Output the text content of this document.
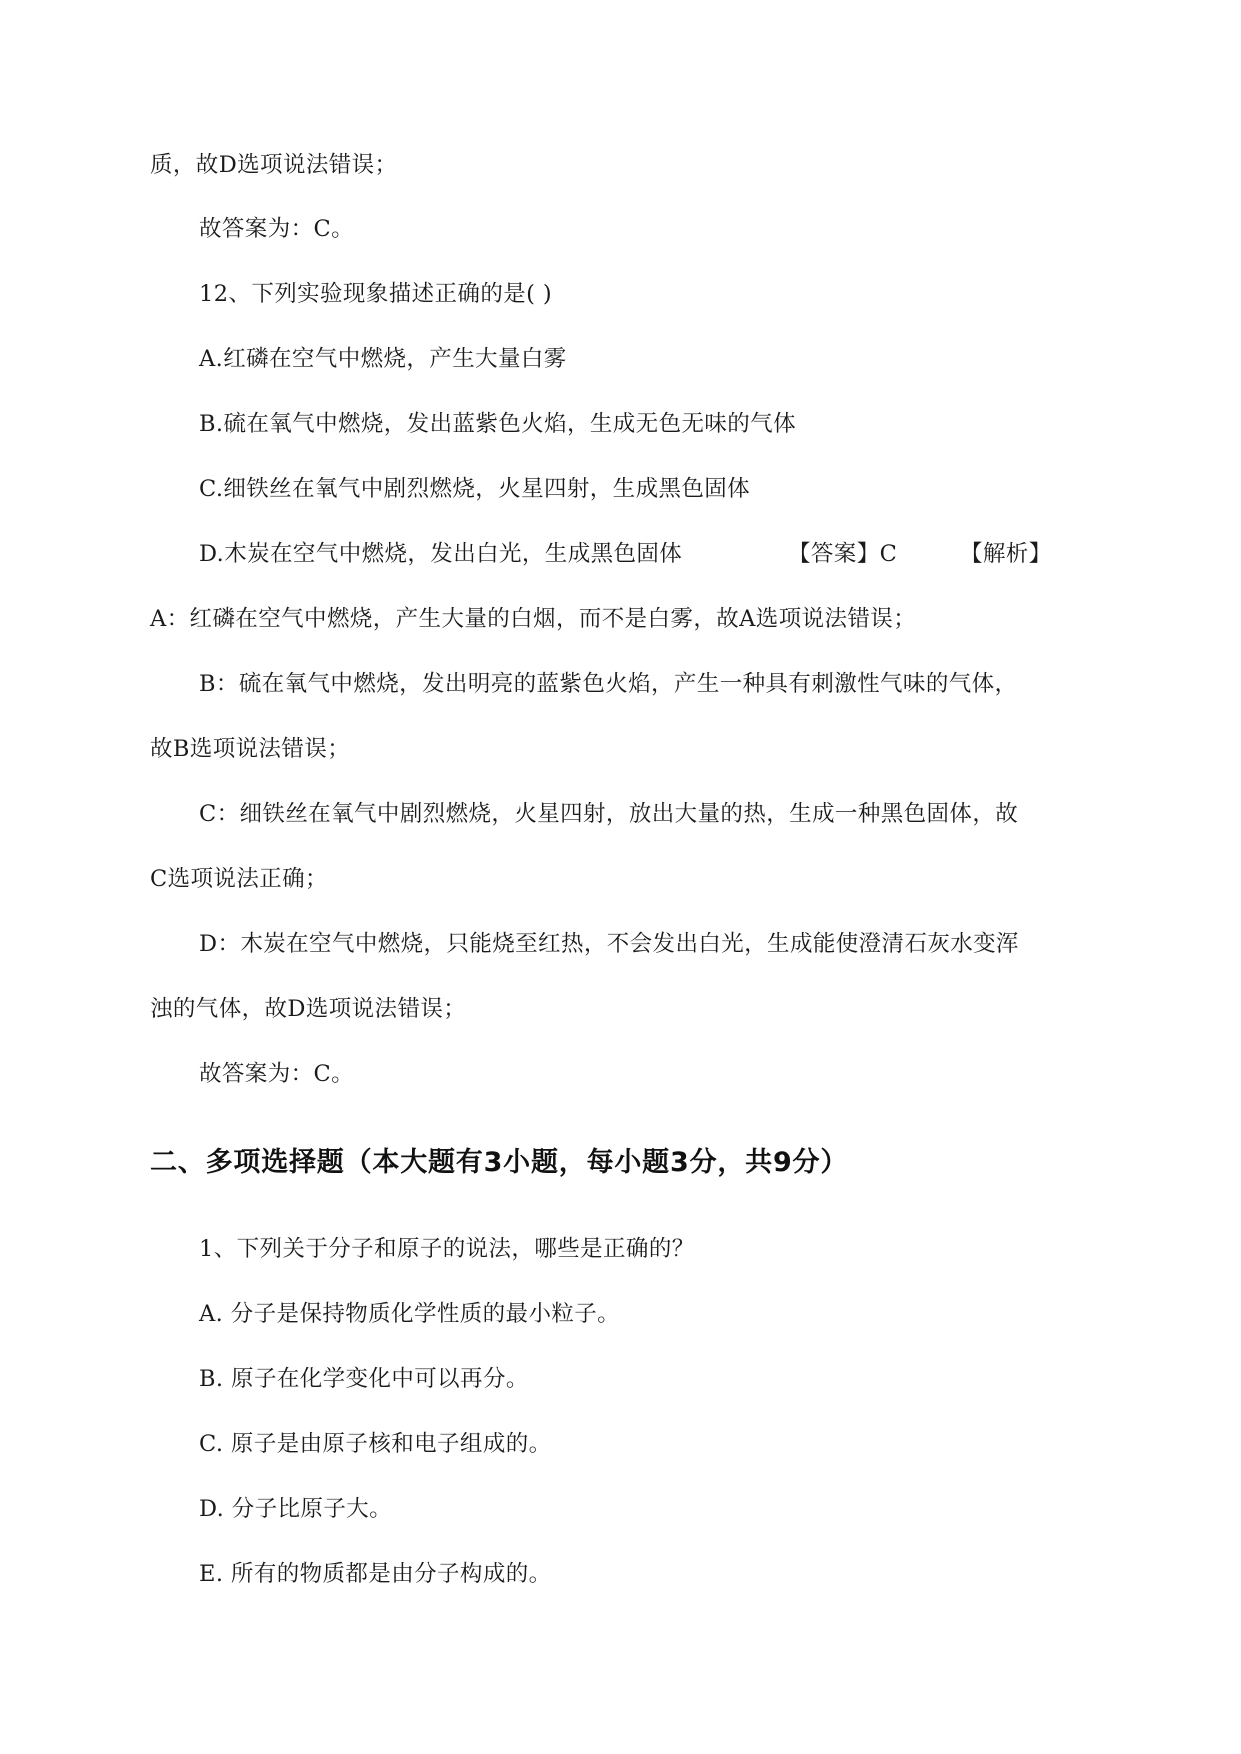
质，故D选项说法错误；
故答案为：C。
12、下列实验现象描述正确的是( )
A.红磷在空气中燃烧，产生大量白雾
B.硫在氧气中燃烧，发出蓝紫色火焰，生成无色无味的气体
C.细铁丝在氧气中剧烈燃烧，火星四射，生成黑色固体
D.木炭在空气中燃烧，发出白光，生成黑色固体	【答案】C	【解析】
A：红磷在空气中燃烧，产生大量的白烟，而不是白雾，故A选项说法错误；
B：硫在氧气中燃烧，发出明亮的蓝紫色火焰，产生一种具有刺激性气味的气体，
故B选项说法错误；
C：细铁丝在氧气中剧烈燃烧，火星四射，放出大量的热，生成一种黑色固体，故
C选项说法正确；
D：木炭在空气中燃烧，只能烧至红热，不会发出白光，生成能使澄清石灰水变浑
浊的气体，故D选项说法错误；
故答案为：C。
二、多项选择题（本大题有3小题，每小题3分，共9分）
1、下列关于分子和原子的说法，哪些是正确的？
A. 分子是保持物质化学性质的最小粒子。
B. 原子在化学变化中可以再分。
C. 原子是由原子核和电子组成的。
D. 分子比原子大。
E. 所有的物质都是由分子构成的。
